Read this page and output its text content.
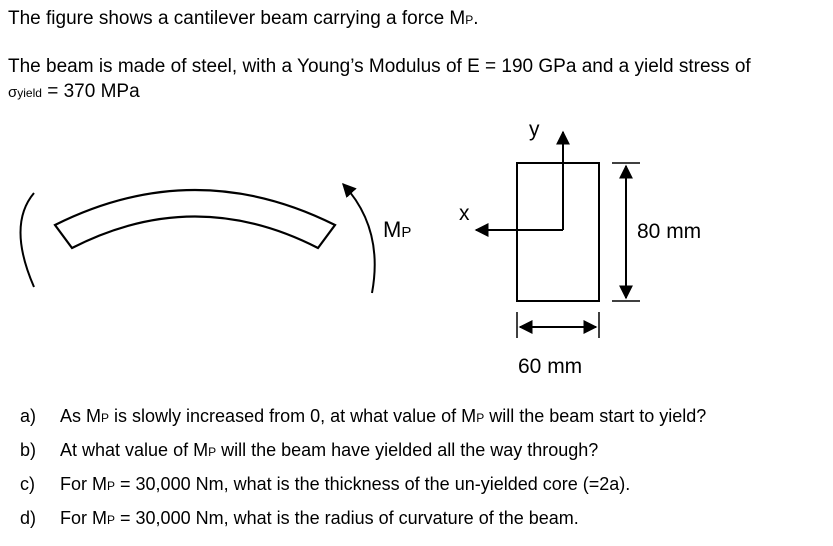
The figure shows a cantilever beam carrying a force MP.
The beam is made of steel, with a Young’s Modulus of E = 190 GPa and a yield stress of
σyield = 370 MPa
MP
x
y
80 mm
60 mm
a) As MP is slowly increased from 0, at what value of MP will the beam start to yield?
b) At what value of MP will the beam have yielded all the way through?
c) For MP = 30,000 Nm, what is the thickness of the un-yielded core (=2a).
d) For MP = 30,000 Nm, what is the radius of curvature of the beam.
